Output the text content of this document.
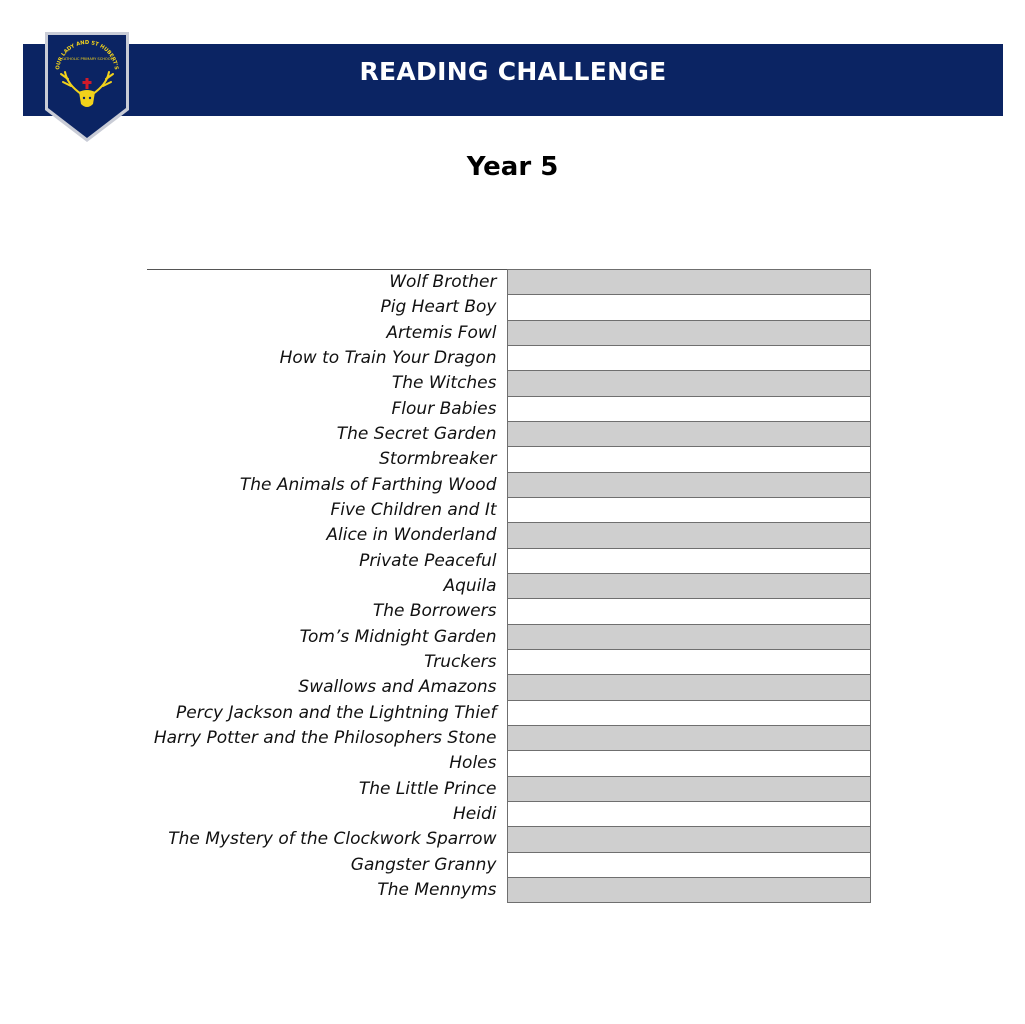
READING CHALLENGE
OUR LADY AND ST HUBERT'S
CATHOLIC PRIMARY SCHOOL
Year 5
Wolf Brother	
Pig Heart Boy	
Artemis Fowl	
How to Train Your Dragon	
The Witches	
Flour Babies	
The Secret Garden	
Stormbreaker	
The Animals of Farthing Wood	
Five Children and It	
Alice in Wonderland	
Private Peaceful	
Aquila	
The Borrowers	
Tom’s Midnight Garden	
Truckers	
Swallows and Amazons	
Percy Jackson and the Lightning Thief	
Harry Potter and the Philosophers Stone	
Holes	
The Little Prince	
Heidi	
The Mystery of the Clockwork Sparrow	
Gangster Granny	
The Mennyms	
